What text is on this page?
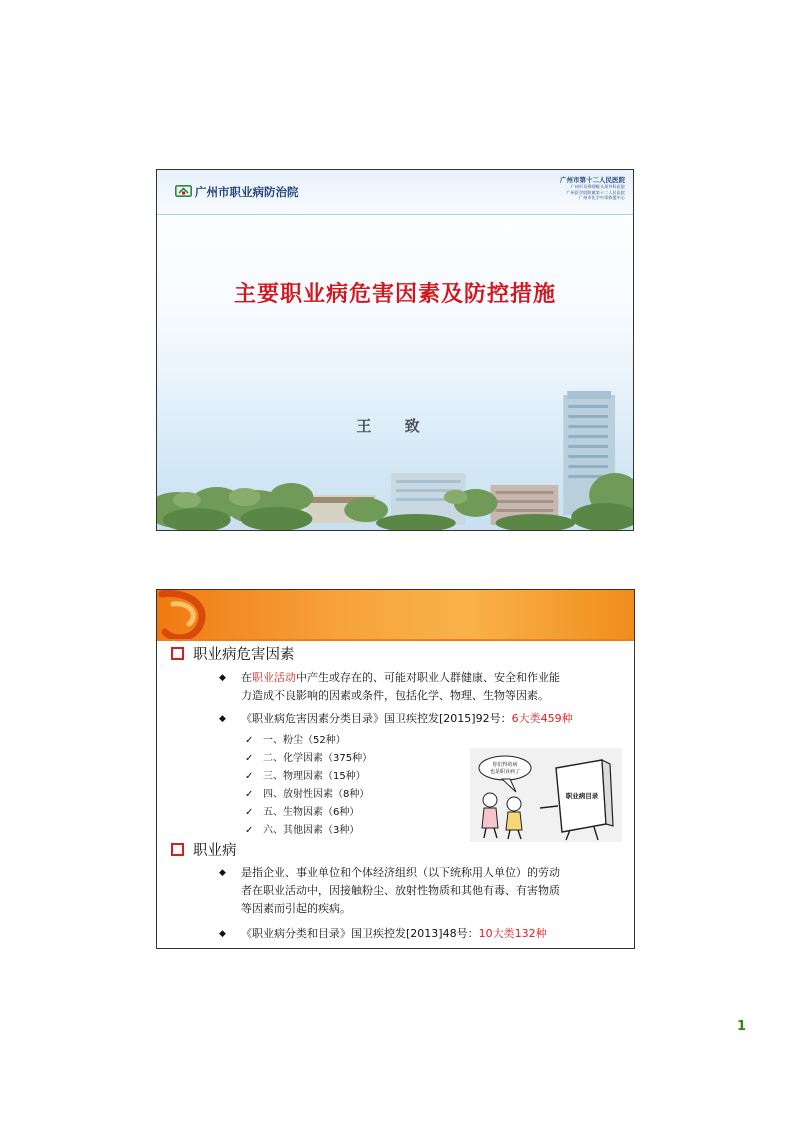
广州市职业病防治院
广州市第十二人民医院
广州市耳鼻咽喉头颈外科医院
广州医学院附属第十二人民医院
广州市化学中毒救援中心
主要职业病危害因素及防控措施
职业病危害因素
◆ 在职业活动中产生或存在的、可能对职业人群健康、安全和作业能
力造成不良影响的因素或条件，包括化学、物理、生物等因素。
◆ 《职业病危害因素分类目录》国卫疾控发[2015]92号：6大类459种
✓ 一、粉尘（52种）
✓ 二、化学因素（375种）
✓ 三、物理因素（15种）
✓ 四、放射性因素（8种）
✓ 五、生物因素（6种）
✓ 六、其他因素（3种）
你们得的病
也是职业病了
职业病目录
职业病
◆ 是指企业、事业单位和个体经济组织（以下统称用人单位）的劳动
者在职业活动中，因接触粉尘、放射性物质和其他有毒、有害物质
等因素而引起的疾病。
◆ 《职业病分类和目录》国卫疾控发[2013]48号：10大类132种
1
